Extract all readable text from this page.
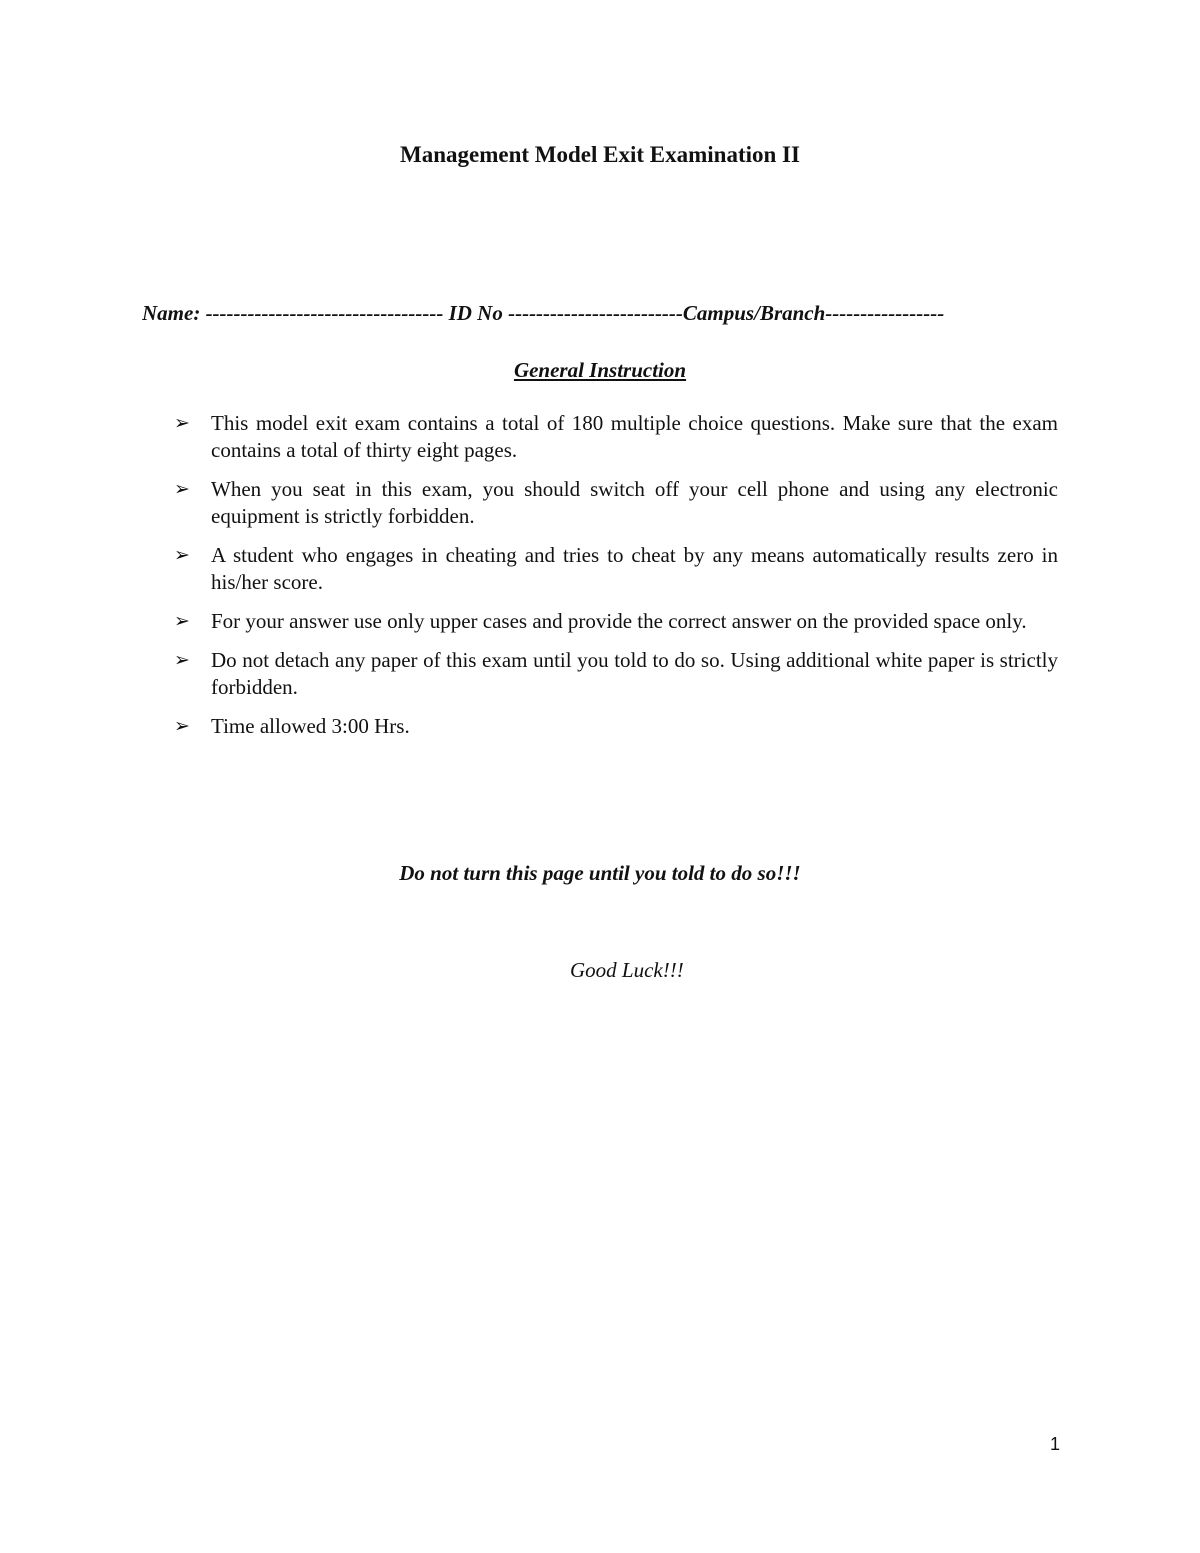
Management Model Exit Examination II
Name: ---------------------------------- ID No -------------------------Campus/Branch-----------------
General Instruction
➢ This model exit exam contains a total of 180 multiple choice questions. Make sure that the exam contains a total of thirty eight pages.
➢ When you seat in this exam, you should switch off your cell phone and using any electronic equipment is strictly forbidden.
➢ A student who engages in cheating and tries to cheat by any means automatically results zero in his/her score.
➢ For your answer use only upper cases and provide the correct answer on the provided space only.
➢ Do not detach any paper of this exam until you told to do so. Using additional white paper is strictly forbidden.
➢ Time allowed 3:00 Hrs.
Do not turn this page until you told to do so!!!
Good Luck!!!
1
